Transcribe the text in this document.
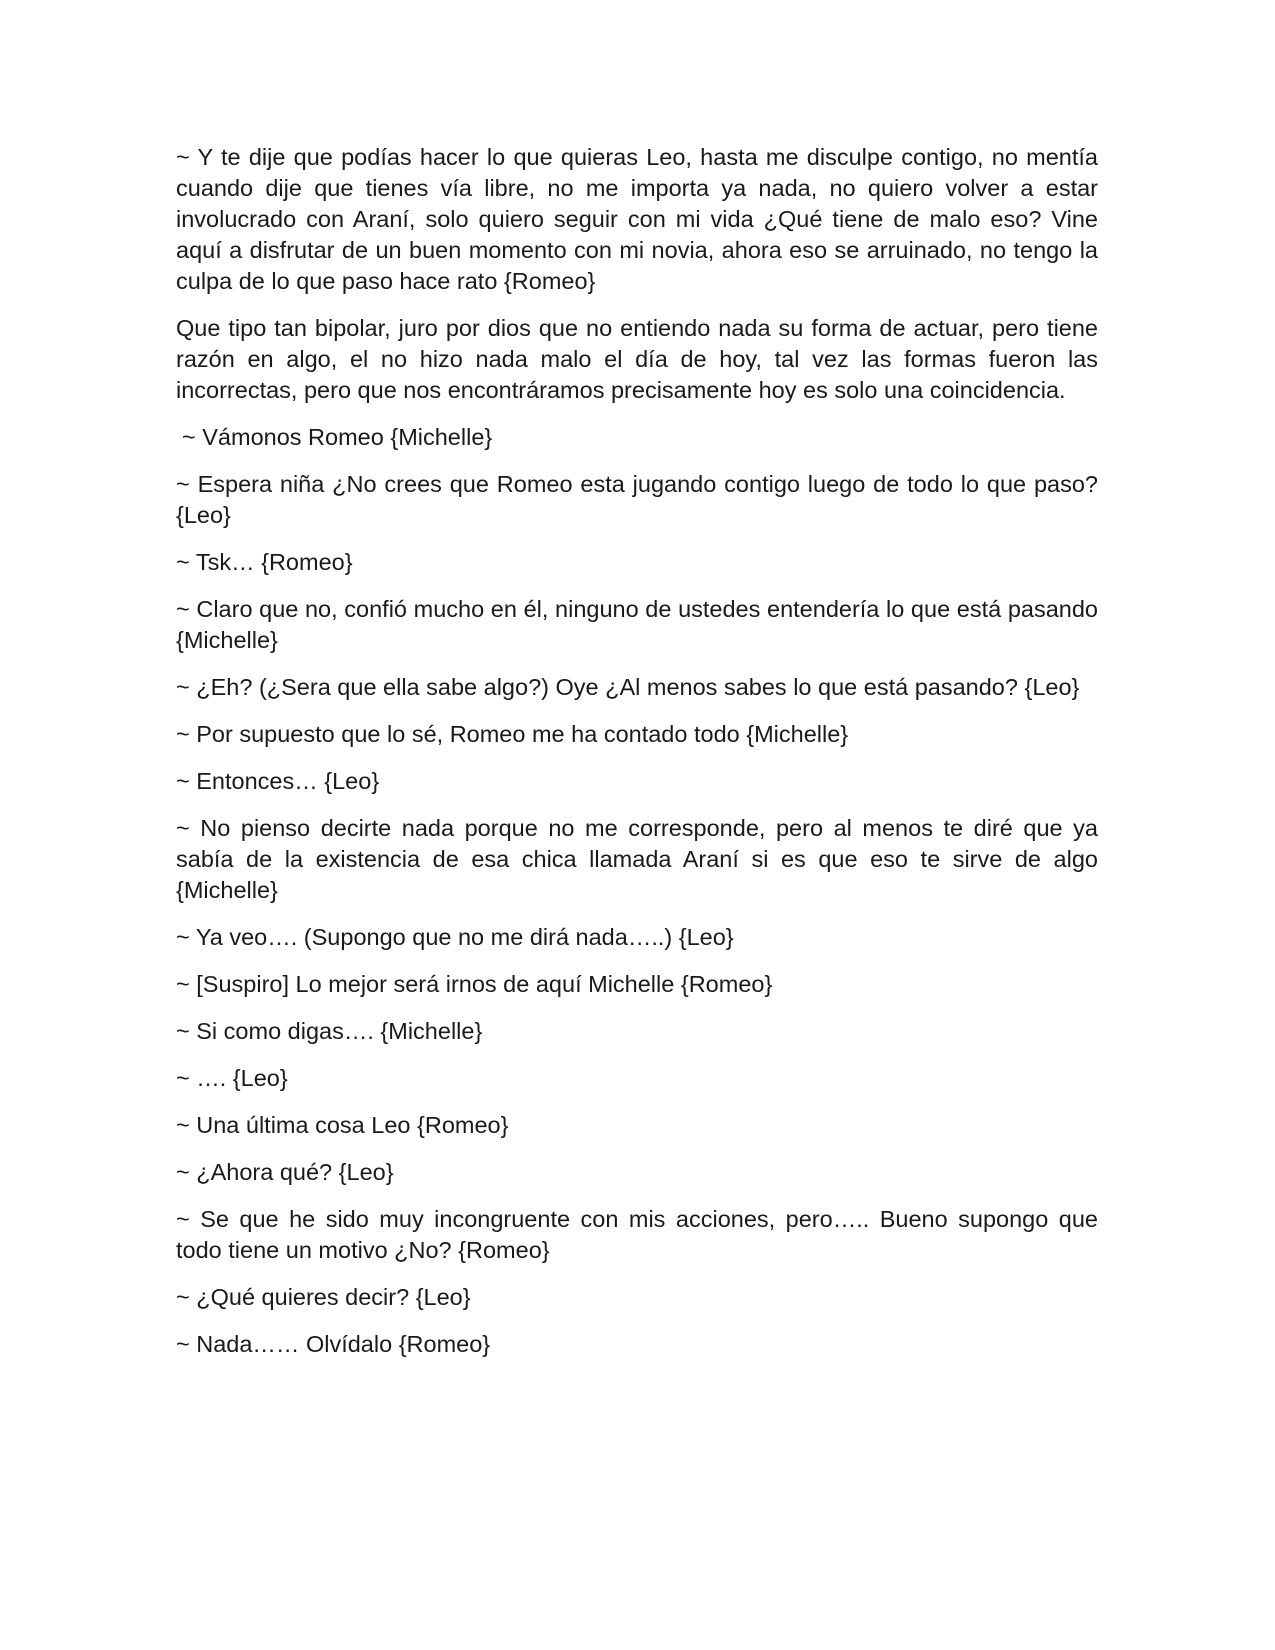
~ Y te dije que podías hacer lo que quieras Leo, hasta me disculpe contigo, no mentía cuando dije que tienes vía libre, no me importa ya nada, no quiero volver a estar involucrado con Araní, solo quiero seguir con mi vida ¿Qué tiene de malo eso? Vine aquí a disfrutar de un buen momento con mi novia, ahora eso se arruinado, no tengo la culpa de lo que paso hace rato {Romeo}

Que tipo tan bipolar, juro por dios que no entiendo nada su forma de actuar, pero tiene razón en algo, el no hizo nada malo el día de hoy, tal vez las formas fueron las incorrectas, pero que nos encontráramos precisamente hoy es solo una coincidencia.

~ Vámonos Romeo {Michelle}

~ Espera niña ¿No crees que Romeo esta jugando contigo luego de todo lo que paso? {Leo}

~ Tsk… {Romeo}

~ Claro que no, confió mucho en él, ninguno de ustedes entendería lo que está pasando {Michelle}

~ ¿Eh? (¿Sera que ella sabe algo?) Oye ¿Al menos sabes lo que está pasando? {Leo}

~ Por supuesto que lo sé, Romeo me ha contado todo {Michelle}

~ Entonces… {Leo}

~ No pienso decirte nada porque no me corresponde, pero al menos te diré que ya sabía de la existencia de esa chica llamada Araní si es que eso te sirve de algo {Michelle}

~ Ya veo…. (Supongo que no me dirá nada…..) {Leo}

~ [Suspiro] Lo mejor será irnos de aquí Michelle {Romeo}

~ Si como digas…. {Michelle}

~ …. {Leo}

~ Una última cosa Leo {Romeo}

~ ¿Ahora qué? {Leo}

~ Se que he sido muy incongruente con mis acciones, pero….. Bueno supongo que todo tiene un motivo ¿No? {Romeo}

~ ¿Qué quieres decir? {Leo}

~ Nada…… Olvídalo {Romeo}
